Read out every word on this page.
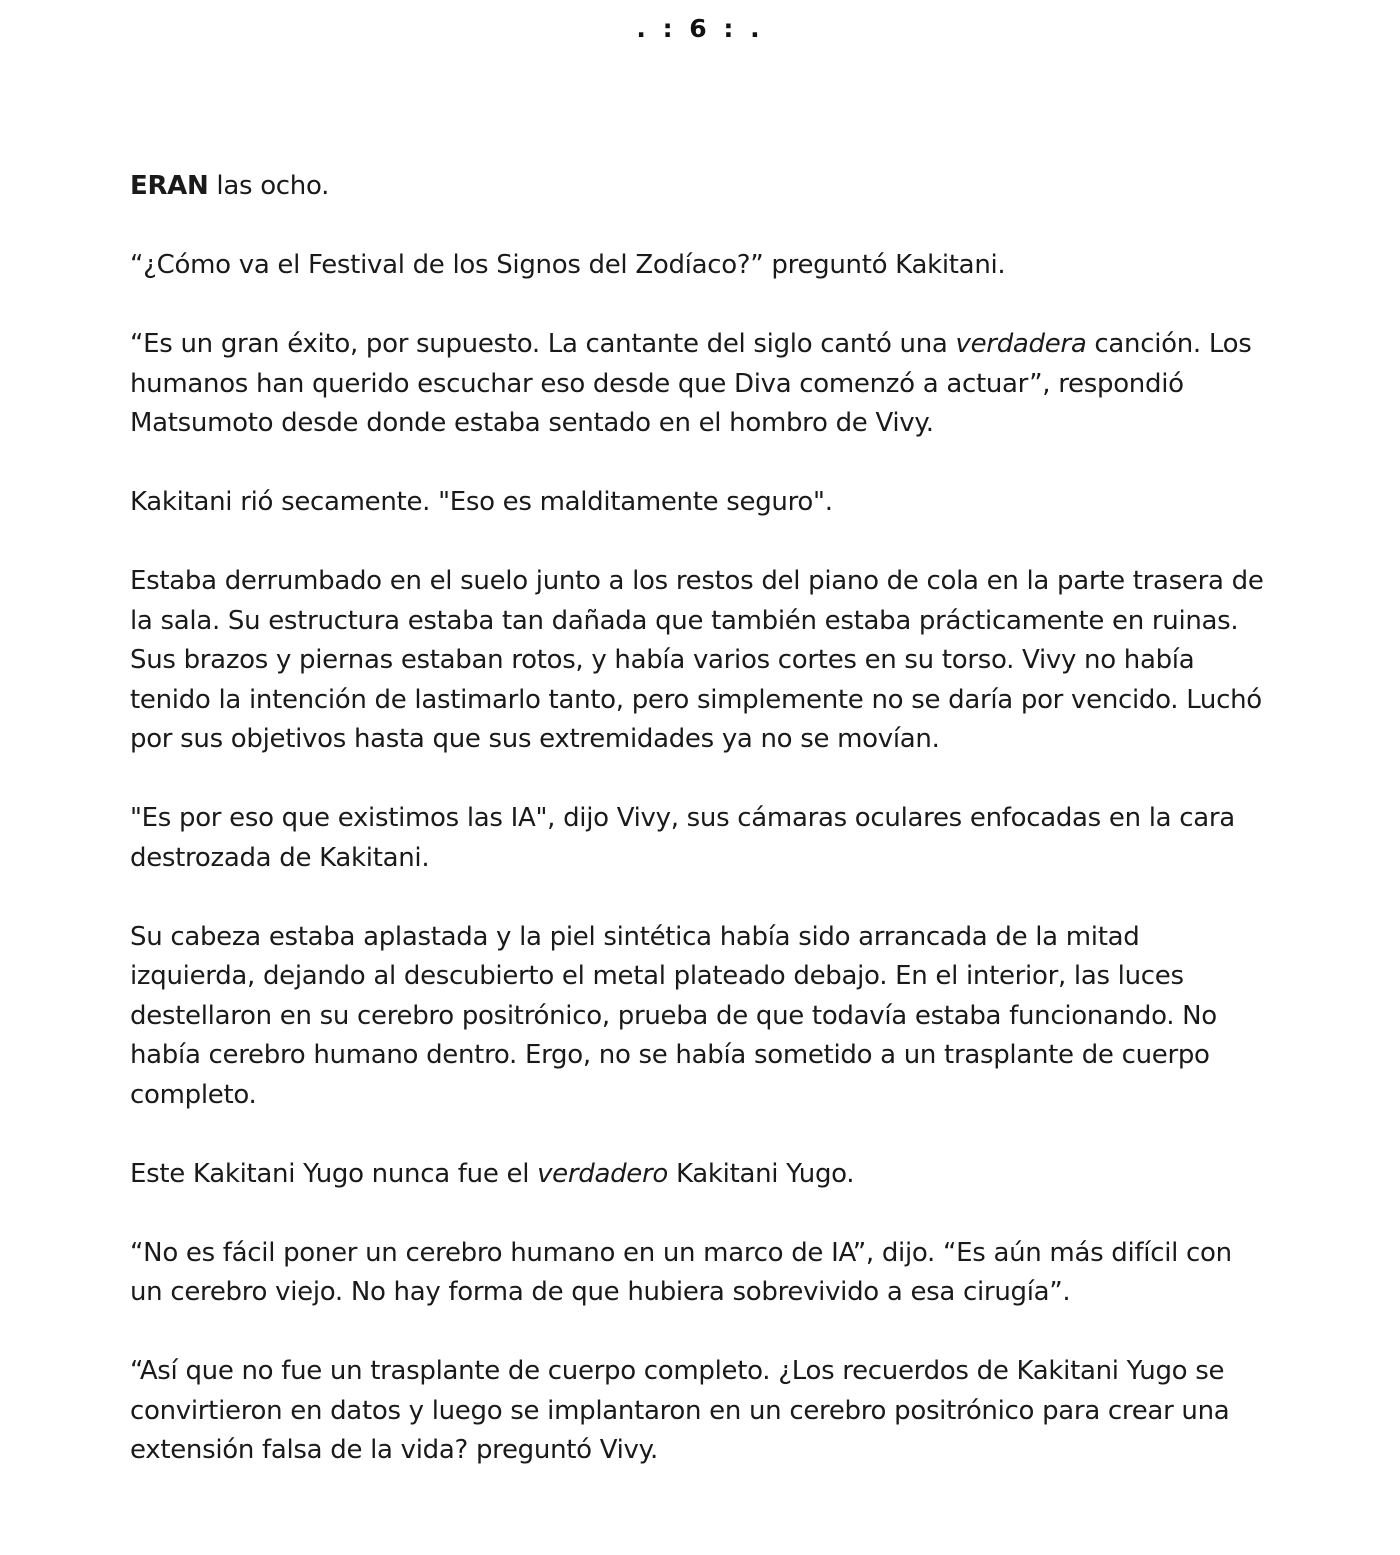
. : 6 : .

ERAN las ocho.

“¿Cómo va el Festival de los Signos del Zodíaco?” preguntó Kakitani.

“Es un gran éxito, por supuesto. La cantante del siglo cantó una verdadera canción. Los humanos han querido escuchar eso desde que Diva comenzó a actuar”, respondió Matsumoto desde donde estaba sentado en el hombro de Vivy.

Kakitani rió secamente. "Eso es malditamente seguro".

Estaba derrumbado en el suelo junto a los restos del piano de cola en la parte trasera de la sala. Su estructura estaba tan dañada que también estaba prácticamente en ruinas. Sus brazos y piernas estaban rotos, y había varios cortes en su torso. Vivy no había tenido la intención de lastimarlo tanto, pero simplemente no se daría por vencido. Luchó por sus objetivos hasta que sus extremidades ya no se movían.

"Es por eso que existimos las IA", dijo Vivy, sus cámaras oculares enfocadas en la cara destrozada de Kakitani.

Su cabeza estaba aplastada y la piel sintética había sido arrancada de la mitad izquierda, dejando al descubierto el metal plateado debajo. En el interior, las luces destellaron en su cerebro positrónico, prueba de que todavía estaba funcionando. No había cerebro humano dentro. Ergo, no se había sometido a un trasplante de cuerpo completo.

Este Kakitani Yugo nunca fue el verdadero Kakitani Yugo.

“No es fácil poner un cerebro humano en un marco de IA”, dijo. “Es aún más difícil con un cerebro viejo. No hay forma de que hubiera sobrevivido a esa cirugía”.

“Así que no fue un trasplante de cuerpo completo. ¿Los recuerdos de Kakitani Yugo se convirtieron en datos y luego se implantaron en un cerebro positrónico para crear una extensión falsa de la vida? preguntó Vivy.
